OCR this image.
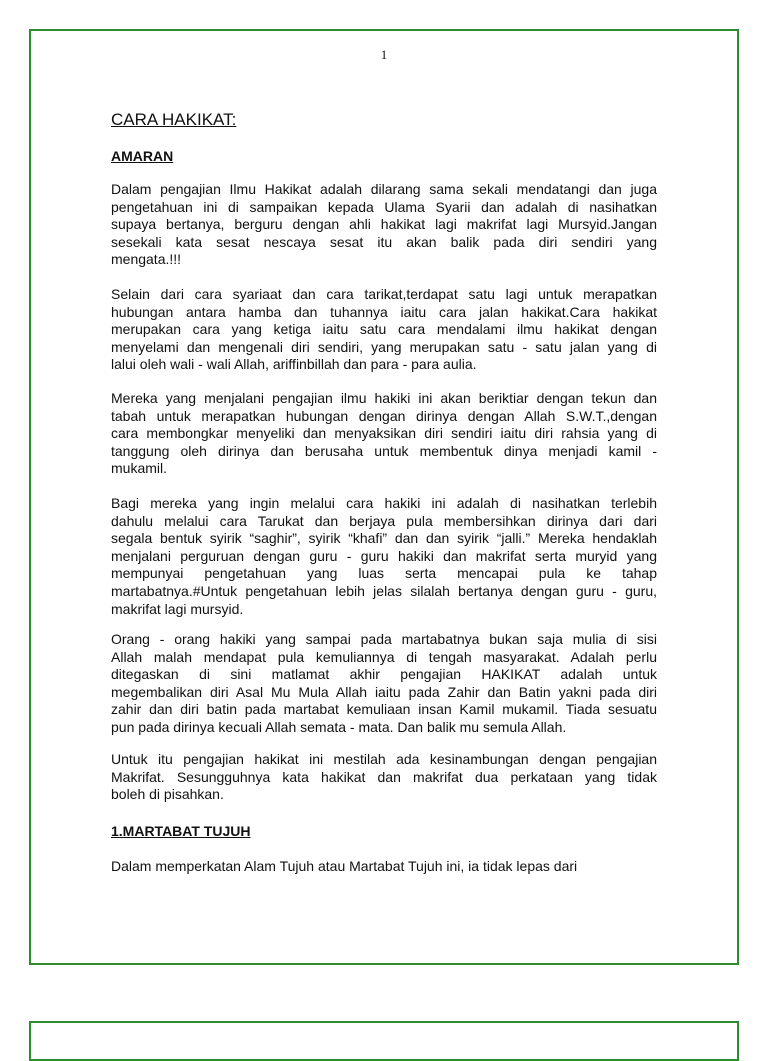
1
CARA HAKIKAT:
AMARAN
Dalam pengajian Ilmu Hakikat adalah dilarang sama sekali mendatangi dan juga
pengetahuan ini di sampaikan kepada Ulama Syarii dan adalah di nasihatkan
supaya bertanya, berguru dengan ahli hakikat lagi makrifat lagi Mursyid.Jangan
sesekali kata sesat nescaya sesat itu akan balik pada diri sendiri yang
mengata.!!!
Selain dari cara syariaat dan cara tarikat,terdapat satu lagi untuk merapatkan
hubungan antara hamba dan tuhannya iaitu cara jalan hakikat.Cara hakikat
merupakan cara yang ketiga iaitu satu cara mendalami ilmu hakikat dengan
menyelami dan mengenali diri sendiri, yang merupakan satu - satu jalan yang di
lalui oleh wali - wali Allah, ariffinbillah dan para - para aulia.
Mereka yang menjalani pengajian ilmu hakiki ini akan beriktiar dengan tekun dan
tabah untuk merapatkan hubungan dengan dirinya dengan Allah S.W.T.,dengan
cara membongkar menyeliki dan menyaksikan diri sendiri iaitu diri rahsia yang di
tanggung oleh dirinya dan berusaha untuk membentuk dinya menjadi kamil -
mukamil.
Bagi mereka yang ingin melalui cara hakiki ini adalah di nasihatkan terlebih
dahulu melalui cara Tarukat dan berjaya pula membersihkan dirinya dari dari
segala bentuk syirik “saghir”, syirik “khafi” dan dan syirik “jalli.” Mereka hendaklah
menjalani perguruan dengan guru - guru hakiki dan makrifat serta muryid yang
mempunyai pengetahuan yang luas serta mencapai pula ke tahap
martabatnya.#Untuk pengetahuan lebih jelas silalah bertanya dengan guru - guru,
makrifat lagi mursyid.
Orang - orang hakiki yang sampai pada martabatnya bukan saja mulia di sisi
Allah malah mendapat pula kemuliannya di tengah masyarakat. Adalah perlu
ditegaskan di sini matlamat akhir pengajian HAKIKAT adalah untuk
megembalikan diri Asal Mu Mula Allah iaitu pada Zahir dan Batin yakni pada diri
zahir dan diri batin pada martabat kemuliaan insan Kamil mukamil. Tiada sesuatu
pun pada dirinya kecuali Allah semata - mata. Dan balik mu semula Allah.
Untuk itu pengajian hakikat ini mestilah ada kesinambungan dengan pengajian
Makrifat. Sesungguhnya kata hakikat dan makrifat dua perkataan yang tidak
boleh di pisahkan.
1.MARTABAT TUJUH
Dalam memperkatan Alam Tujuh atau Martabat Tujuh ini, ia tidak lepas dari
